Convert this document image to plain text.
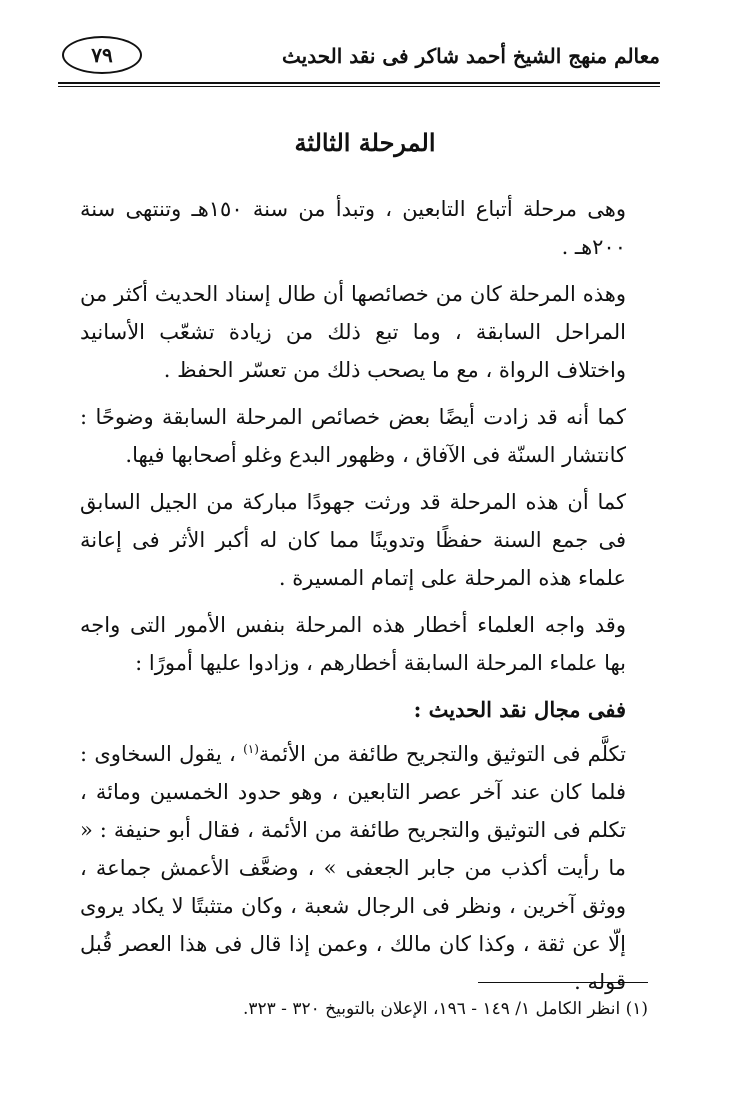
معالم منهج الشيخ أحمد شاكر فى نقد الحديث
٧٩
المرحلة الثالثة

وهى مرحلة أتباع التابعين ، وتبدأ من سنة ١٥٠هـ وتنتهى سنة ٢٠٠هـ .

وهذه المرحلة كان من خصائصها أن طال إسناد الحديث أكثر من المراحل السابقة ، وما تبع ذلك من زيادة تشعّب الأسانيد واختلاف الرواة ، مع ما يصحب ذلك من تعسّر الحفظ .

كما أنه قد زادت أيضًا بعض خصائص المرحلة السابقة وضوحًا : كانتشار السنّة فى الآفاق ، وظهور البدع وغلو أصحابها فيها.

كما أن هذه المرحلة قد ورثت جهودًا مباركة من الجيل السابق فى جمع السنة حفظًا وتدوينًا مما كان له أكبر الأثر فى إعانة علماء هذه المرحلة على إتمام المسيرة .

وقد واجه العلماء أخطار هذه المرحلة بنفس الأمور التى واجه بها علماء المرحلة السابقة أخطارهم ، وزادوا عليها أمورًا :

ففى مجال نقد الحديث :

تكلَّم فى التوثيق والتجريح طائفة من الأئمة$^{(١)}$ ، يقول السخاوى : فلما كان عند آخر عصر التابعين ، وهو حدود الخمسين ومائة ، تكلم فى التوثيق والتجريح طائفة من الأئمة ، فقال أبو حنيفة : « ما رأيت أكذب من جابر الجعفى » ، وضعَّف الأعمش جماعة ، ووثق آخرين ، ونظر فى الرجال شعبة ، وكان متثبتًا لا يكاد يروى إلّا عن ثقة ، وكذا كان مالك ، وعمن إذا قال فى هذا العصر قُبل قوله .

(١) انظر الكامل ١/ ١٤٩ - ١٩٦، الإعلان بالتوبيخ ٣٢٠ - ٣٢٣.
